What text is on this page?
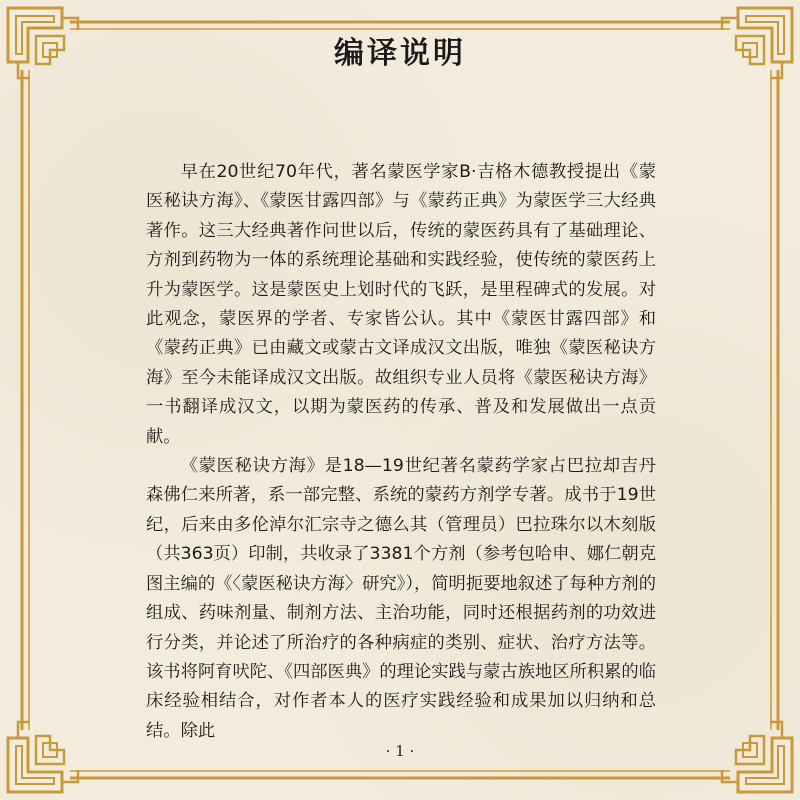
编译说明

早在20世纪70年代，著名蒙医学家B·吉格木德教授提出《蒙医秘诀方海》、《蒙医甘露四部》与《蒙药正典》为蒙医学三大经典著作。这三大经典著作问世以后，传统的蒙医药具有了基础理论、方剂到药物为一体的系统理论基础和实践经验，使传统的蒙医药上升为蒙医学。这是蒙医史上划时代的飞跃，是里程碑式的发展。对此观念，蒙医界的学者、专家皆公认。其中《蒙医甘露四部》和《蒙药正典》已由藏文或蒙古文译成汉文出版，唯独《蒙医秘诀方海》至今未能译成汉文出版。故组织专业人员将《蒙医秘诀方海》一书翻译成汉文，以期为蒙医药的传承、普及和发展做出一点贡献。

《蒙医秘诀方海》是18—19世纪著名蒙药学家占巴拉却吉丹森佛仁来所著，系一部完整、系统的蒙药方剂学专著。成书于19世纪，后来由多伦淖尔汇宗寺之德么其（管理员）巴拉珠尔以木刻版（共363页）印制，共收录了3381个方剂（参考包哈申、娜仁朝克图主编的《〈蒙医秘诀方海〉研究》），简明扼要地叙述了每种方剂的组成、药味剂量、制剂方法、主治功能，同时还根据药剂的功效进行分类，并论述了所治疗的各种病症的类别、症状、治疗方法等。该书将阿育吠陀、《四部医典》的理论实践与蒙古族地区所积累的临床经验相结合，对作者本人的医疗实践经验和成果加以归纳和总结。除此

· 1 ·
